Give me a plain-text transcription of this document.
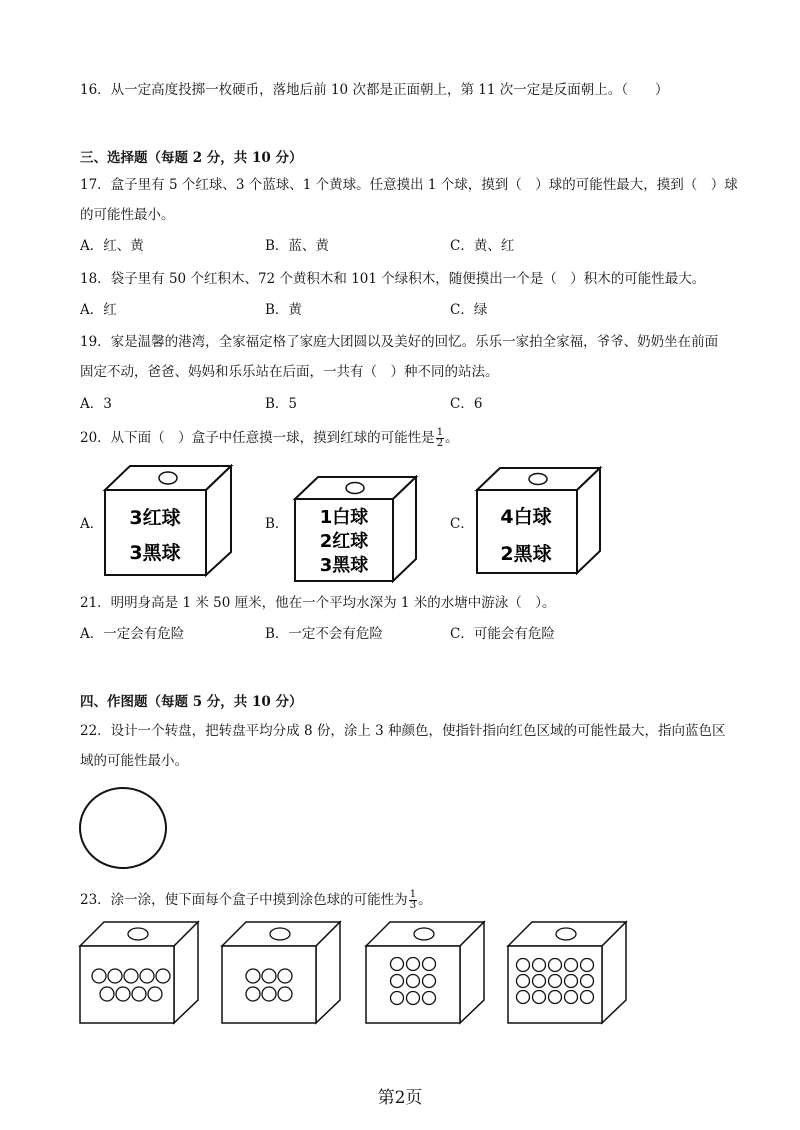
16．从一定高度投掷一枚硬币，落地后前 10 次都是正面朝上，第 11 次一定是反面朝上。（　　）
三、选择题（每题 2 分，共 10 分）
17．盒子里有 5 个红球、3 个蓝球、1 个黄球。任意摸出 1 个球，摸到（　）球的可能性最大，摸到（　）球
的可能性最小。
A．红、黄	B．蓝、黄	C．黄、红
18．袋子里有 50 个红积木、72 个黄积木和 101 个绿积木，随便摸出一个是（　）积木的可能性最大。
A．红	B．黄	C．绿
19．家是温馨的港湾，全家福定格了家庭大团圆以及美好的回忆。乐乐一家拍全家福，爷爷、奶奶坐在前面
固定不动，爸爸、妈妈和乐乐站在后面，一共有（　）种不同的站法。
A．3	B．5	C．6
20．从下面（　）盒子中任意摸一球，摸到红球的可能性是 $\frac{1}{2}$ 。
A．	B．	C．
3红球
3黑球
1白球
2红球
3黑球
4白球
2黑球
21．明明身高是 1 米 50 厘米，他在一个平均水深为 1 米的水塘中游泳（　）。
A．一定会有危险	B．一定不会有危险	C．可能会有危险
四、作图题（每题 5 分，共 10 分）
22．设计一个转盘，把转盘平均分成 8 份，涂上 3 种颜色，使指针指向红色区域的可能性最大，指向蓝色区
域的可能性最小。
23．涂一涂，使下面每个盒子中摸到涂色球的可能性为 $\frac{1}{3}$ 。
第2页
